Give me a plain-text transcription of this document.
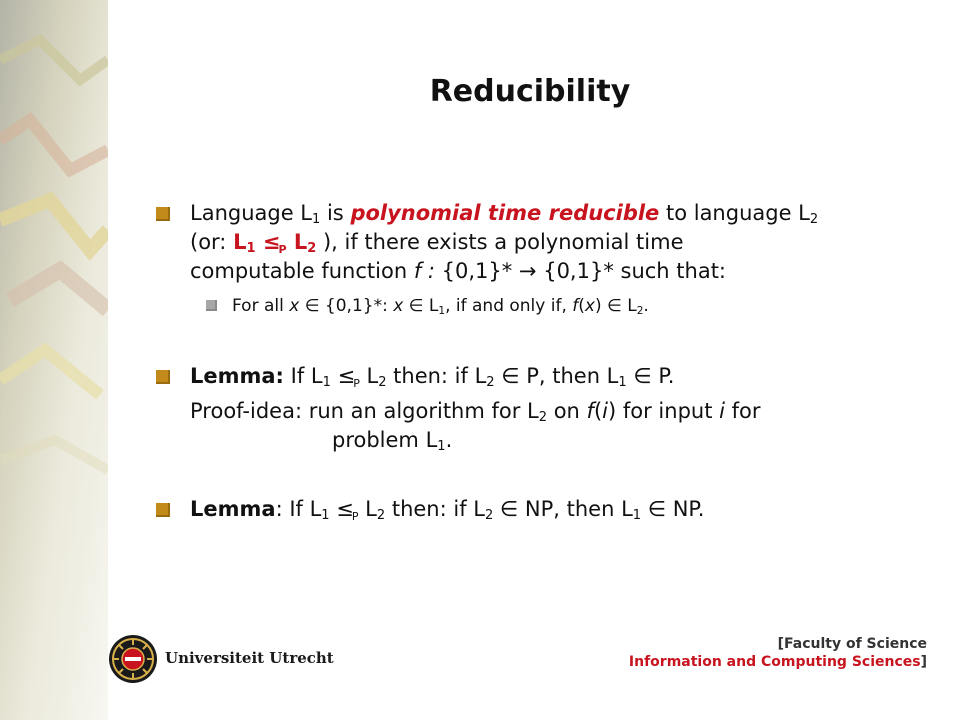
Reducibility
Language $L_1$ is polynomial time reducible to language $L_2$
(or: $L_1 \le P$ $L_2$ ), if there exists a polynomial time
computable function f : {0,1}* → {0,1}* such that:
For all x ∈ {0,1}*: x ∈ $L_1$, if and only if, f(x) ∈ $L_2$.
Lemma: If $L_1 \le P$ $L_2$ then: if $L_2$ ∈ P, then $L_1$ ∈ P.
Proof-idea: run an algorithm for $L_2$ on f(i) for input i for
problem $L_1$.
Lemma: If $L_1 \le P$ $L_2$ then: if $L_2$ ∈ NP, then $L_1$ ∈ NP.
Universiteit Utrecht
[Faculty of Science
Information and Computing Sciences]
